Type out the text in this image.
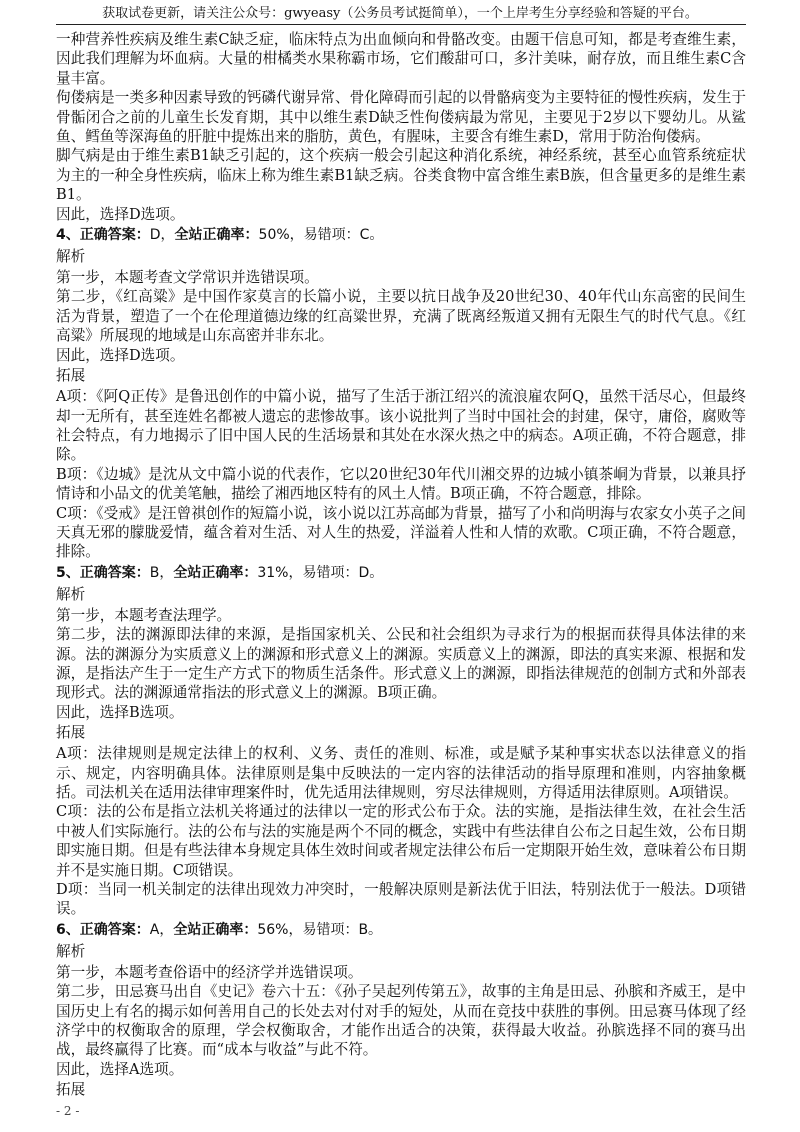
获取试卷更新，请关注公众号：gwyeasy（公务员考试挺简单），一个上岸考生分享经验和答疑的平台。

一种营养性疾病及维生素C缺乏症，临床特点为出血倾向和骨骼改变。由题干信息可知，都是考查维生素，因此我们理解为坏血病。大量的柑橘类水果称霸市场，它们酸甜可口，多汁美味，耐存放，而且维生素C含量丰富。

佝偻病是一类多种因素导致的钙磷代谢异常、骨化障碍而引起的以骨骼病变为主要特征的慢性疾病，发生于骨骺闭合之前的儿童生长发育期，其中以维生素D缺乏性佝偻病最为常见，主要见于2岁以下婴幼儿。从鲨鱼、鳕鱼等深海鱼的肝脏中提炼出来的脂肪，黄色，有腥味，主要含有维生素D，常用于防治佝偻病。

脚气病是由于维生素B1缺乏引起的，这个疾病一般会引起这种消化系统，神经系统，甚至心血管系统症状为主的一种全身性疾病，临床上称为维生素B1缺乏病。谷类食物中富含维生素B族，但含量更多的是维生素B1。

因此，选择D选项。

4、正确答案：D，全站正确率：50%，易错项：C。

解析

第一步，本题考查文学常识并选错误项。

第二步，《红高粱》是中国作家莫言的长篇小说，主要以抗日战争及20世纪30、40年代山东高密的民间生活为背景，塑造了一个在伦理道德边缘的红高粱世界，充满了既离经叛道又拥有无限生气的时代气息。《红高粱》所展现的地域是山东高密并非东北。

因此，选择D选项。

拓展

A项：《阿Q正传》是鲁迅创作的中篇小说，描写了生活于浙江绍兴的流浪雇农阿Q，虽然干活尽心，但最终却一无所有，甚至连姓名都被人遗忘的悲惨故事。该小说批判了当时中国社会的封建，保守，庸俗，腐败等社会特点，有力地揭示了旧中国人民的生活场景和其处在水深火热之中的病态。A项正确，不符合题意，排除。

B项：《边城》是沈从文中篇小说的代表作，它以20世纪30年代川湘交界的边城小镇茶峒为背景，以兼具抒情诗和小品文的优美笔触，描绘了湘西地区特有的风土人情。B项正确，不符合题意，排除。

C项：《受戒》是汪曾祺创作的短篇小说，该小说以江苏高邮为背景，描写了小和尚明海与农家女小英子之间天真无邪的朦胧爱情，蕴含着对生活、对人生的热爱，洋溢着人性和人情的欢歌。C项正确，不符合题意，排除。

5、正确答案：B，全站正确率：31%，易错项：D。

解析

第一步，本题考查法理学。

第二步，法的渊源即法律的来源，是指国家机关、公民和社会组织为寻求行为的根据而获得具体法律的来源。法的渊源分为实质意义上的渊源和形式意义上的渊源。实质意义上的渊源，即法的真实来源、根据和发源，是指法产生于一定生产方式下的物质生活条件。形式意义上的渊源，即指法律规范的创制方式和外部表现形式。法的渊源通常指法的形式意义上的渊源。B项正确。

因此，选择B选项。

拓展

A项：法律规则是规定法律上的权利、义务、责任的准则、标准，或是赋予某种事实状态以法律意义的指示、规定，内容明确具体。法律原则是集中反映法的一定内容的法律活动的指导原理和准则，内容抽象概括。司法机关在适用法律审理案件时，优先适用法律规则，穷尽法律规则，方得适用法律原则。A项错误。

C项：法的公布是指立法机关将通过的法律以一定的形式公布于众。法的实施，是指法律生效，在社会生活中被人们实际施行。法的公布与法的实施是两个不同的概念，实践中有些法律自公布之日起生效，公布日期即实施日期。但是有些法律本身规定具体生效时间或者规定法律公布后一定期限开始生效，意味着公布日期并不是实施日期。C项错误。

D项：当同一机关制定的法律出现效力冲突时，一般解决原则是新法优于旧法，特别法优于一般法。D项错误。

6、正确答案：A，全站正确率：56%，易错项：B。

解析

第一步，本题考查俗语中的经济学并选错误项。

第二步，田忌赛马出自《史记》卷六十五：《孙子吴起列传第五》，故事的主角是田忌、孙膑和齐威王，是中国历史上有名的揭示如何善用自己的长处去对付对手的短处，从而在竞技中获胜的事例。田忌赛马体现了经济学中的权衡取舍的原理，学会权衡取舍，才能作出适合的决策，获得最大收益。孙膑选择不同的赛马出战，最终赢得了比赛。而“成本与收益”与此不符。

因此，选择A选项。

拓展

- 2 -
